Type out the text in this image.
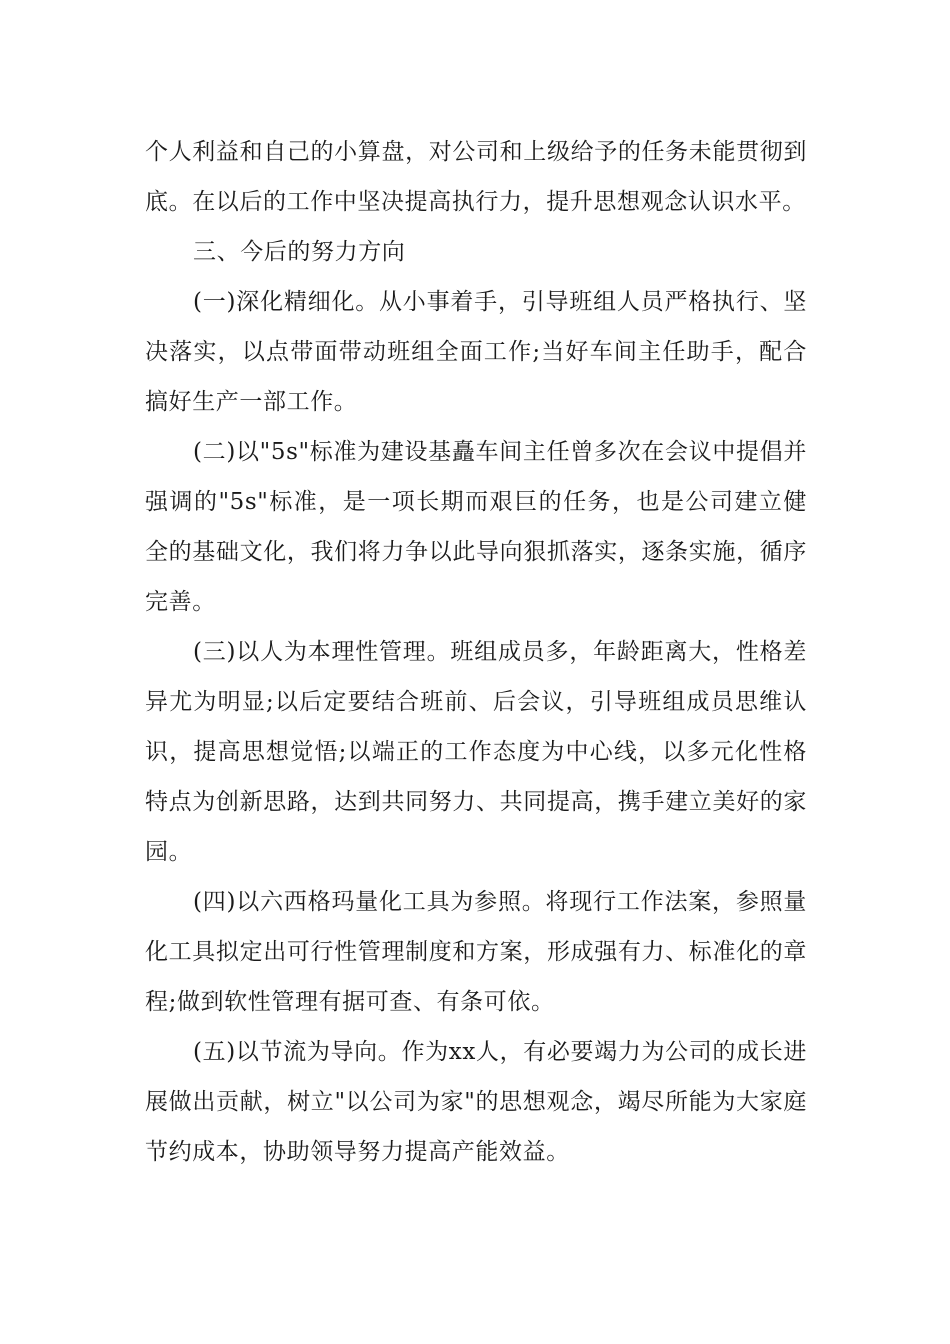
个人利益和自己的小算盘，对公司和上级给予的任务未能贯彻到底。在以后的工作中坚决提高执行力，提升思想观念认识水平。

三、今后的努力方向

(一)深化精细化。从小事着手，引导班组人员严格执行、坚决落实，以点带面带动班组全面工作;当好车间主任助手，配合搞好生产一部工作。

(二)以"5s"标准为建设基矗车间主任曾多次在会议中提倡并强调的"5s"标准，是一项长期而艰巨的任务，也是公司建立健全的基础文化，我们将力争以此导向狠抓落实，逐条实施，循序完善。

(三)以人为本理性管理。班组成员多，年龄距离大，性格差异尤为明显;以后定要结合班前、后会议，引导班组成员思维认识，提高思想觉悟;以端正的工作态度为中心线，以多元化性格特点为创新思路，达到共同努力、共同提高，携手建立美好的家园。

(四)以六西格玛量化工具为参照。将现行工作法案，参照量化工具拟定出可行性管理制度和方案，形成强有力、标准化的章程;做到软性管理有据可查、有条可依。

(五)以节流为导向。作为xx人，有必要竭力为公司的成长进展做出贡献，树立"以公司为家"的思想观念，竭尽所能为大家庭节约成本，协助领导努力提高产能效益。
